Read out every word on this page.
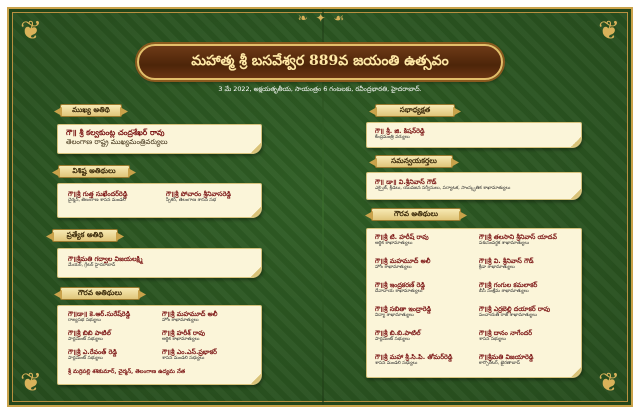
❦	❦
❦	❦
❧ ✦ ☙
మహాత్మ శ్రీ బసవేశ్వర 889వ జయంతి ఉత్సవం
3 మే 2022, అక్షయతృతీయ, సాయంత్రం 6 గంటలకు, రవీంద్రభారతి, హైదరాబాద్.
ముఖ్య అతిథి
గౌ॥ శ్రీ కల్వకుంట్ల చంద్రశేఖర్ రావు
తెలంగాణ రాష్ట్ర ముఖ్యమంత్రివర్యులు
విశిష్ట అతిథులు
గౌ॥శ్రీ గుత్త సుఖేందర్‌రెడ్డి
చైర్మన్, తెలంగాణ శాసన మండలి
గౌ॥శ్రీ పోచారం శ్రీనివాసరెడ్డి
స్పీకర్, తెలంగాణ శాసన సభ
ప్రత్యేక అతిథి
గౌ॥శ్రీమతి గద్వాల విజయలక్ష్మి
మేయర్, గ్రేటర్ హైదరాబాద్
గౌరవ అతిథులు
గౌ॥డా॥ కె.ఆర్.సురేష్‌రెడ్డి
రాజ్యసభ సభ్యులు
గౌ॥శ్రీ మహమూద్ అలీ
హోం శాఖామాత్యులు
గౌ॥శ్రీ బిబి పాటిల్
పార్లమెంట్ సభ్యులు
గౌ॥శ్రీ హరీశ్ రావు
ఆర్థిక శాఖామాత్యులు
గౌ॥శ్రీ ఎ.రేవంత్ రెడ్డి
పార్లమెంట్ సభ్యులు
గౌ॥శ్రీ ఎం.ఎస్.ప్రభాకర్
శాసన మండలి సభ్యులు
శ్రీ మర్రిపల్లి శశికుమార్, చైర్మన్, తెలంగాణ ఉద్యమ నేత
సభాధ్యక్షత
గౌ॥ శ్రీ. జి. కిషన్‌రెడ్డి
కేంద్రమంత్రి వర్యులు
సమన్వయకర్తలు
గౌ॥ డా॥ వి.శ్రీనివాస్ గౌడ్
ఎక్సైజ్, క్రీడలు, యువజన సర్వీసులు, పర్యాటక, సాంస్కృతిక శాఖామాత్యులు
గౌరవ అతిథులు
గౌ॥శ్రీ టి. హరీష్ రావు
ఆర్థిక శాఖామాత్యులు
గౌ॥శ్రీ తలసాని శ్రీనివాస్ యాదవ్
పశుసంవర్థక శాఖామాత్యులు
గౌ॥శ్రీ మహమూద్ అలీ
హోం శాఖామాత్యులు
గౌ॥శ్రీ వి. శ్రీనివాస్ గౌడ్
క్రీడా శాఖామాత్యులు
గౌ॥శ్రీ ఇంద్రకరణ్ రెడ్డి
దేవాదాయ శాఖామాత్యులు
గౌ॥శ్రీ గంగుల కమలాకర్
బీసీ సంక్షేమ శాఖామాత్యులు
గౌ॥శ్రీ సబితా ఇంద్రారెడ్డి
విద్యా శాఖామాత్యులు
గౌ॥శ్రీ ఎర్రబెల్లి దయాకర్ రావు
పంచాయతీ రాజ్ శాఖామాత్యులు
గౌ॥శ్రీ బి.బి.పాటిల్
పార్లమెంట్ సభ్యులు
గౌ॥శ్రీ దానం నాగేందర్
శాసన సభ్యులు
గౌ॥శ్రీ మహా శ్రీ.సి.పి. తోమర్‌రెడ్డి
శాసన మండలి సభ్యులు
గౌ॥శ్రీమతి విజయారెడ్డి
కార్పొరేటర్, ఖైరతాబాద్
